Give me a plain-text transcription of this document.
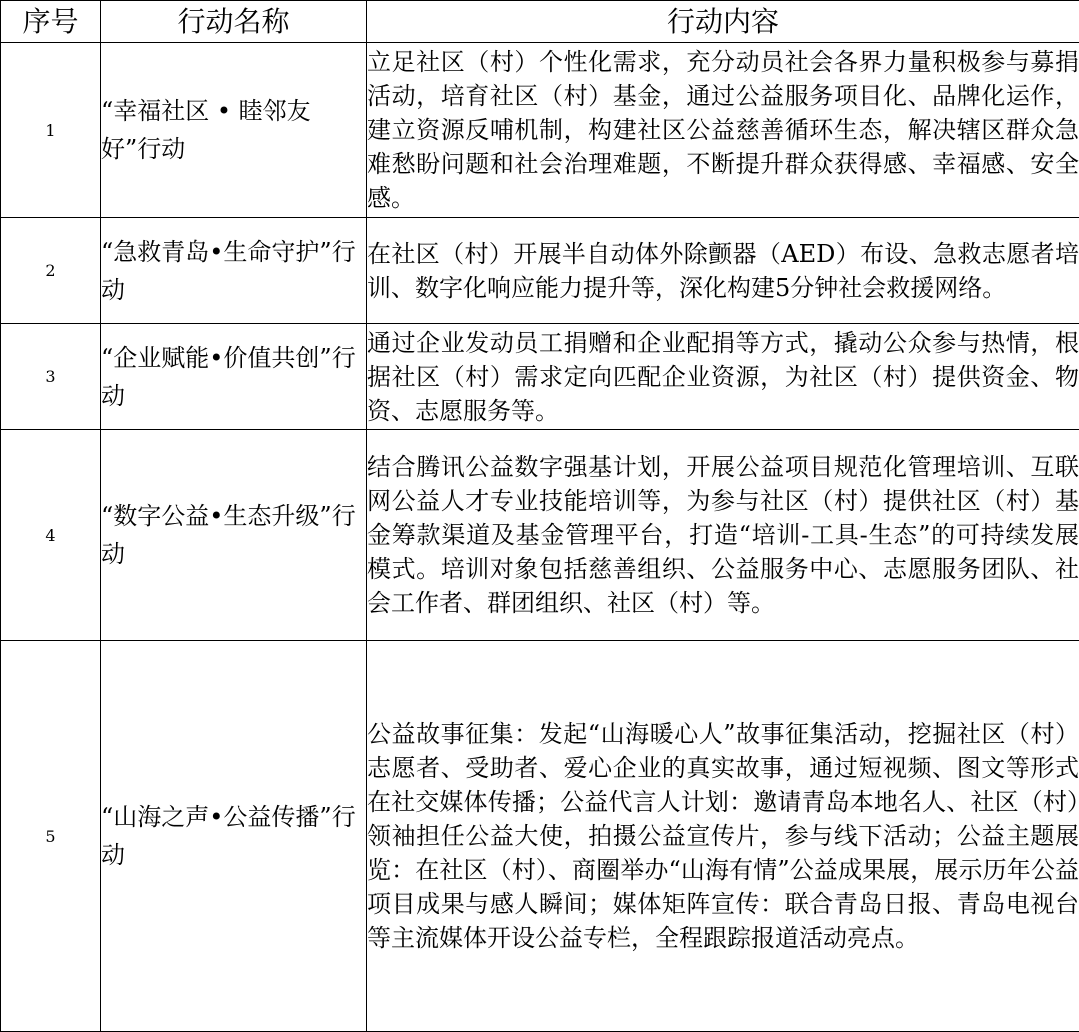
序号	行动名称	行动内容
1	“幸福社区 • 睦邻友好”行动	立足社区（村）个性化需求，充分动员社会各界力量积极参与募捐活动，培育社区（村）基金，通过公益服务项目化、品牌化运作，建立资源反哺机制，构建社区公益慈善循环生态，解决辖区群众急难愁盼问题和社会治理难题，不断提升群众获得感、幸福感、安全感。
2	“急救青岛•生命守护”行动	在社区（村）开展半自动体外除颤器（AED）布设、急救志愿者培训、数字化响应能力提升等，深化构建5分钟社会救援网络。
3	“企业赋能•价值共创”行动	通过企业发动员工捐赠和企业配捐等方式，撬动公众参与热情，根据社区（村）需求定向匹配企业资源，为社区（村）提供资金、物资、志愿服务等。
4	“数字公益•生态升级”行动	结合腾讯公益数字强基计划，开展公益项目规范化管理培训、互联网公益人才专业技能培训等，为参与社区（村）提供社区（村）基金筹款渠道及基金管理平台，打造“培训-工具-生态”的可持续发展模式。培训对象包括慈善组织、公益服务中心、志愿服务团队、社会工作者、群团组织、社区（村）等。
5	“山海之声•公益传播”行动	公益故事征集：发起“山海暖心人”故事征集活动，挖掘社区（村）志愿者、受助者、爱心企业的真实故事，通过短视频、图文等形式在社交媒体传播；公益代言人计划：邀请青岛本地名人、社区（村）领袖担任公益大使，拍摄公益宣传片，参与线下活动；公益主题展览：在社区（村）、商圈举办“山海有情”公益成果展，展示历年公益项目成果与感人瞬间；媒体矩阵宣传：联合青岛日报、青岛电视台等主流媒体开设公益专栏，全程跟踪报道活动亮点。
